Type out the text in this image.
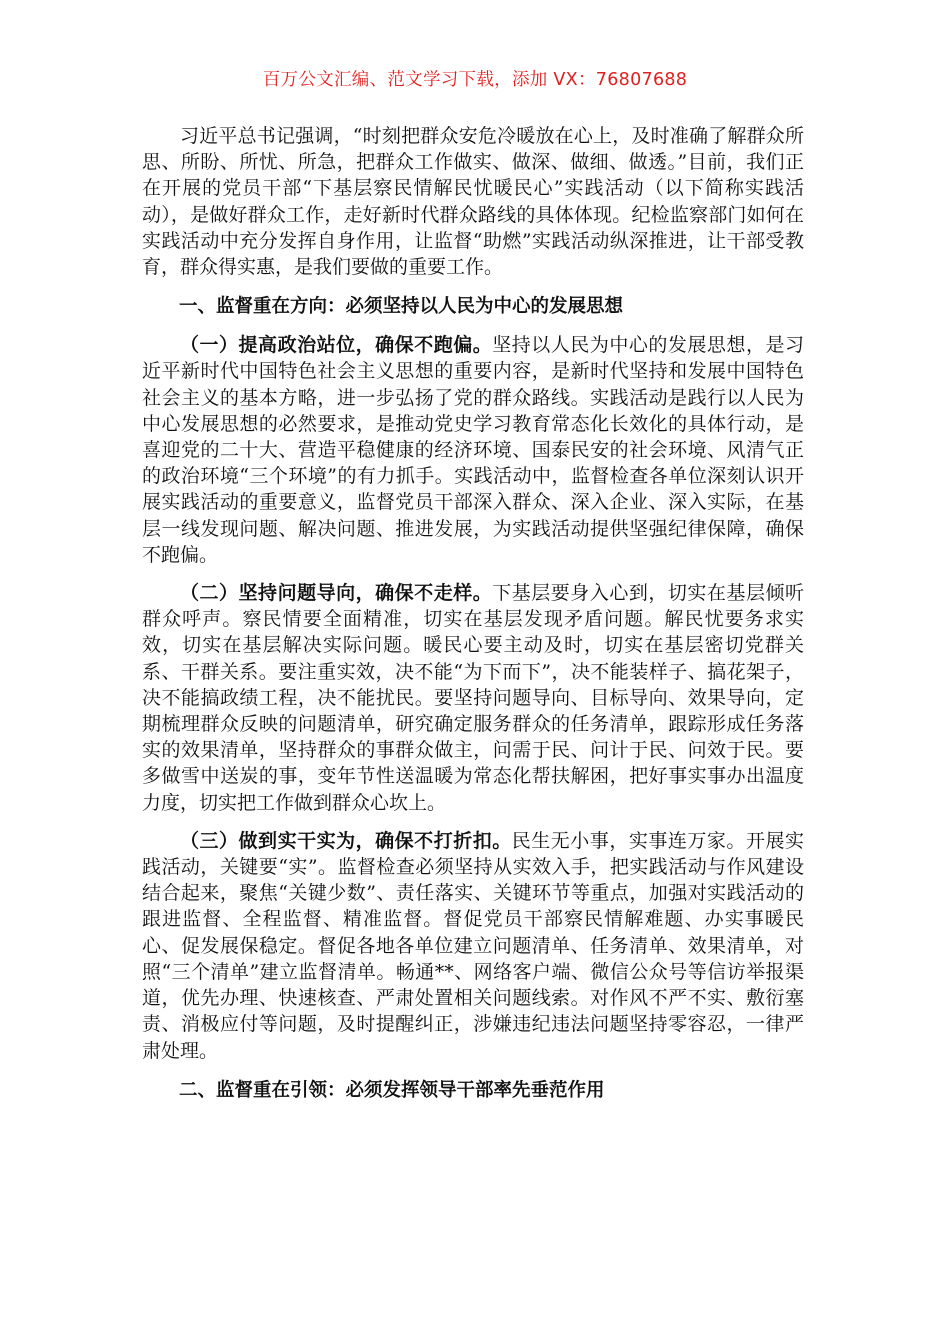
百万公文汇编、范文学习下载，添加 VX：76807688

习近平总书记强调，“时刻把群众安危冷暖放在心上，及时准确了解群众所思、所盼、所忧、所急，把群众工作做实、做深、做细、做透。”目前，我们正在开展的党员干部“下基层察民情解民忧暖民心”实践活动（以下简称实践活动），是做好群众工作，走好新时代群众路线的具体体现。纪检监察部门如何在实践活动中充分发挥自身作用，让监督“助燃”实践活动纵深推进，让干部受教育，群众得实惠，是我们要做的重要工作。

一、监督重在方向：必须坚持以人民为中心的发展思想

（一）提高政治站位，确保不跑偏。坚持以人民为中心的发展思想，是习近平新时代中国特色社会主义思想的重要内容，是新时代坚持和发展中国特色社会主义的基本方略，进一步弘扬了党的群众路线。实践活动是践行以人民为中心发展思想的必然要求，是推动党史学习教育常态化长效化的具体行动，是喜迎党的二十大、营造平稳健康的经济环境、国泰民安的社会环境、风清气正的政治环境“三个环境”的有力抓手。实践活动中，监督检查各单位深刻认识开展实践活动的重要意义，监督党员干部深入群众、深入企业、深入实际，在基层一线发现问题、解决问题、推进发展，为实践活动提供坚强纪律保障，确保不跑偏。

（二）坚持问题导向，确保不走样。下基层要身入心到，切实在基层倾听群众呼声。察民情要全面精准，切实在基层发现矛盾问题。解民忧要务求实效，切实在基层解决实际问题。暖民心要主动及时，切实在基层密切党群关系、干群关系。要注重实效，决不能“为下而下”，决不能装样子、搞花架子，决不能搞政绩工程，决不能扰民。要坚持问题导向、目标导向、效果导向，定期梳理群众反映的问题清单，研究确定服务群众的任务清单，跟踪形成任务落实的效果清单，坚持群众的事群众做主，问需于民、问计于民、问效于民。要多做雪中送炭的事，变年节性送温暖为常态化帮扶解困，把好事实事办出温度力度，切实把工作做到群众心坎上。

（三）做到实干实为，确保不打折扣。民生无小事，实事连万家。开展实践活动，关键要“实”。监督检查必须坚持从实效入手，把实践活动与作风建设结合起来，聚焦“关键少数”、责任落实、关键环节等重点，加强对实践活动的跟进监督、全程监督、精准监督。督促党员干部察民情解难题、办实事暖民心、促发展保稳定。督促各地各单位建立问题清单、任务清单、效果清单，对照“三个清单”建立监督清单。畅通**、网络客户端、微信公众号等信访举报渠道，优先办理、快速核查、严肃处置相关问题线索。对作风不严不实、敷衍塞责、消极应付等问题，及时提醒纠正，涉嫌违纪违法问题坚持零容忍，一律严肃处理。

二、监督重在引领：必须发挥领导干部率先垂范作用
